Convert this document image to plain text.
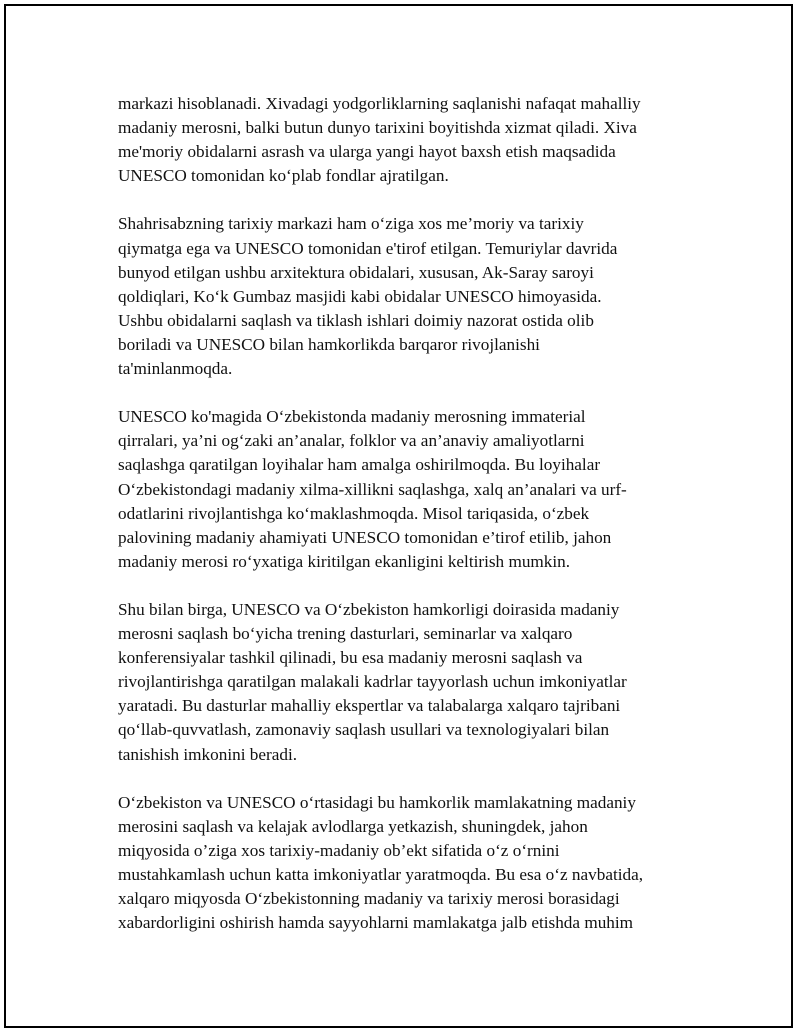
markazi hisoblanadi. Xivadagi yodgorliklarning saqlanishi nafaqat mahalliy
madaniy merosni, balki butun dunyo tarixini boyitishda xizmat qiladi. Xiva
me'moriy obidalarni asrash va ularga yangi hayot baxsh etish maqsadida
UNESCO tomonidan ko‘plab fondlar ajratilgan.

Shahrisabzning tarixiy markazi ham o‘ziga xos me’moriy va tarixiy
qiymatga ega va UNESCO tomonidan e'tirof etilgan. Temuriylar davrida
bunyod etilgan ushbu arxitektura obidalari, xususan, Ak-Saray saroyi
qoldiqlari, Ko‘k Gumbaz masjidi kabi obidalar UNESCO himoyasida.
Ushbu obidalarni saqlash va tiklash ishlari doimiy nazorat ostida olib
boriladi va UNESCO bilan hamkorlikda barqaror rivojlanishi
ta'minlanmoqda.

UNESCO ko'magida O‘zbekistonda madaniy merosning immaterial
qirralari, ya’ni og‘zaki an’analar, folklor va an’anaviy amaliyotlarni
saqlashga qaratilgan loyihalar ham amalga oshirilmoqda. Bu loyihalar
O‘zbekistondagi madaniy xilma-xillikni saqlashga, xalq an’analari va urf-
odatlarini rivojlantishga ko‘maklashmoqda. Misol tariqasida, o‘zbek
palovining madaniy ahamiyati UNESCO tomonidan e’tirof etilib, jahon
madaniy merosi ro‘yxatiga kiritilgan ekanligini keltirish mumkin.

Shu bilan birga, UNESCO va O‘zbekiston hamkorligi doirasida madaniy
merosni saqlash bo‘yicha trening dasturlari, seminarlar va xalqaro
konferensiyalar tashkil qilinadi, bu esa madaniy merosni saqlash va
rivojlantirishga qaratilgan malakali kadrlar tayyorlash uchun imkoniyatlar
yaratadi. Bu dasturlar mahalliy ekspertlar va talabalarga xalqaro tajribani
qo‘llab-quvvatlash, zamonaviy saqlash usullari va texnologiyalari bilan
tanishish imkonini beradi.

O‘zbekiston va UNESCO o‘rtasidagi bu hamkorlik mamlakatning madaniy
merosini saqlash va kelajak avlodlarga yetkazish, shuningdek, jahon
miqyosida o’ziga xos tarixiy-madaniy ob’ekt sifatida o‘z o‘rnini
mustahkamlash uchun katta imkoniyatlar yaratmoqda. Bu esa o‘z navbatida,
xalqaro miqyosda O‘zbekistonning madaniy va tarixiy merosi borasidagi
xabardorligini oshirish hamda sayyohlarni mamlakatga jalb etishda muhim
